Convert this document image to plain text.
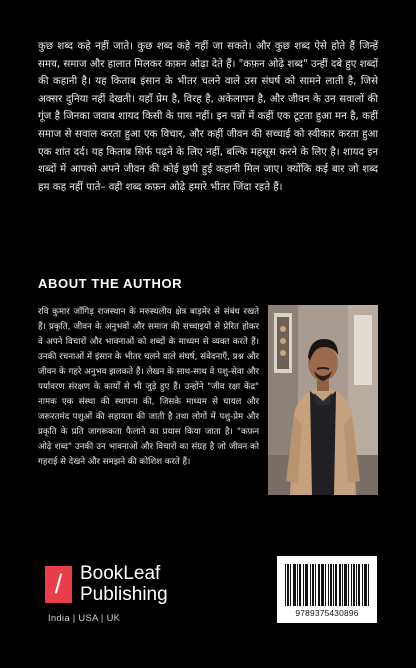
कुछ शब्द कहे नहीं जाते। कुछ शब्द कहे नहीं जा सकते। और कुछ शब्द ऐसे होते हैं जिन्हें समय, समाज और हालात मिलकर कफ़न ओढ़ा देते हैं। "कफ़न ओढ़े शब्द" उन्हीं दबे हुए शब्दों की कहानी है। यह किताब इंसान के भीतर चलने वाले उस संघर्ष को सामने लाती है, जिसे अक्सर दुनिया नहीं देखती। यहाँ प्रेम है, विरह है, अकेलापन है, और जीवन के उन सवालों की गूंज है जिनका जवाब शायद किसी के पास नहीं। इन पन्नों में कहीं एक टूटता हुआ मन है, कहीं समाज से सवाल करता हुआ एक विचार, और कहीं जीवन की सच्चाई को स्वीकार करता हुआ एक शांत दर्द। यह किताब सिर्फ पढ़ने के लिए नहीं, बल्कि महसूस करने के लिए है। शायद इन शब्दों में आपको अपने जीवन की कोई छुपी हुई कहानी मिल जाए। क्योंकि कई बार जो शब्द हम कह नहीं पाते– वही शब्द कफ़न ओढ़े हमारे भीतर जिंदा रहते हैं।

ABOUT THE AUTHOR

रवि कुमार जाँगिड़ राजस्थान के मरुस्थलीय क्षेत्र बाड़मेर से संबंध रखते हैं। प्रकृति, जीवन के अनुभवों और समाज की सच्चाइयों से प्रेरित होकर वे अपने विचारों और भावनाओं को शब्दों के माध्यम से व्यक्त करते हैं। उनकी रचनाओं में इंसान के भीतर चलने वाले संघर्ष, संवेदनाएँ, प्रश्न और जीवन के गहरे अनुभव झलकते हैं। लेखन के साथ-साथ वे पशु-सेवा और पर्यावरण संरक्षण के कार्यों से भी जुड़े हुए हैं। उन्होंने "जीव रक्षा केंद्र" नामक एक संस्था की स्थापना की, जिसके माध्यम से घायल और जरूरतमंद पशुओं की सहायता की जाती है तथा लोगों में पशु-प्रेम और प्रकृति के प्रति जागरूकता फैलाने का प्रयास किया जाता है। "कफ़न ओढ़े शब्द" उनकी उन भावनाओं और विचारों का संग्रह है जो जीवन को गहराई से देखने और समझने की कोशिश करते हैं।

/ BookLeaf
Publishing

India | USA | UK	9789375430896
